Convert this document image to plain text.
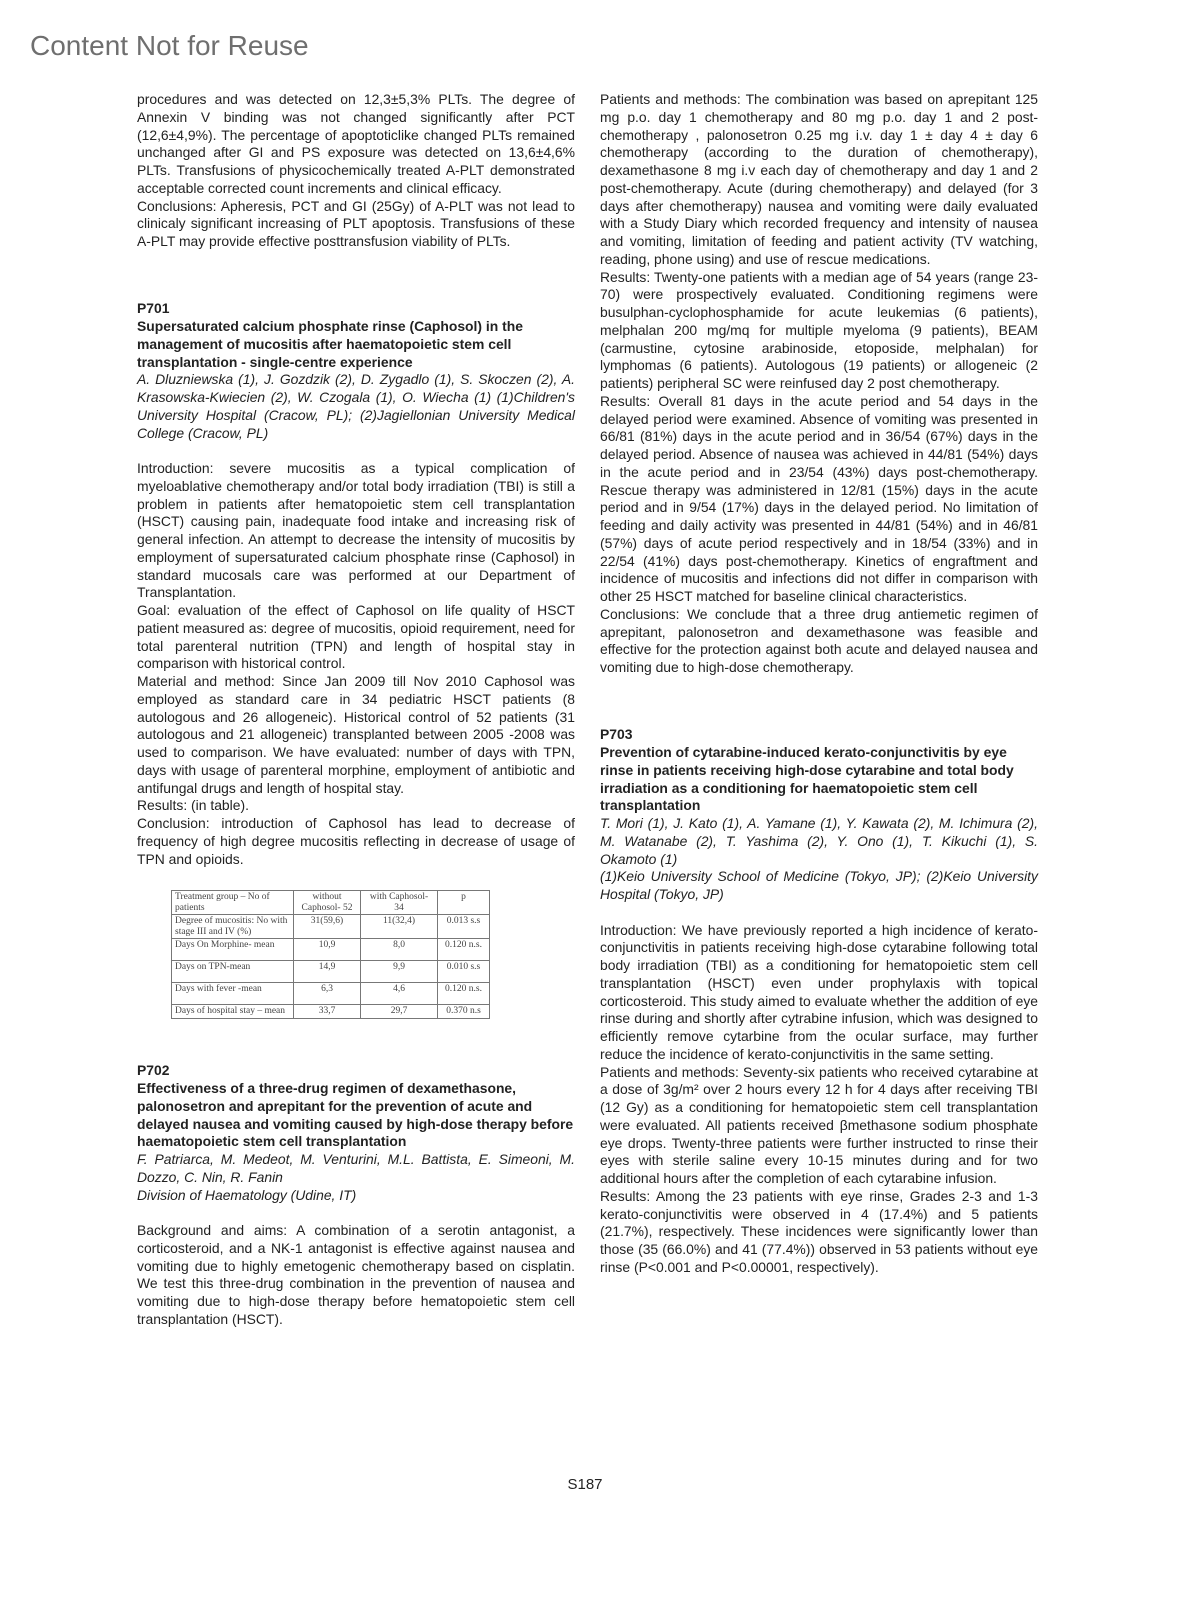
Content Not for Reuse

procedures and was detected on 12,3±5,3% PLTs. The degree of Annexin V binding was not changed significantly after PCT (12,6±4,9%). The percentage of apoptoticlike changed PLTs remained unchanged after GI and PS exposure was detected on 13,6±4,6% PLTs. Transfusions of physicochemically treated A-PLT demonstrated acceptable corrected count increments and clinical efficacy.

Conclusions: Apheresis, PCT and GI (25Gy) of A-PLT was not lead to clinicaly significant increasing of PLT apoptosis. Transfusions of these A-PLT may provide effective posttransfusion viability of PLTs.

P701

Supersaturated calcium phosphate rinse (Caphosol) in the management of mucositis after haematopoietic stem cell transplantation - single-centre experience

A. Dluzniewska (1), J. Gozdzik (2), D. Zygadlo (1), S. Skoczen (2), A. Krasowska-Kwiecien (2), W. Czogala (1), O. Wiecha (1) (1)Children's University Hospital (Cracow, PL); (2)Jagiellonian University Medical College (Cracow, PL)

Introduction: severe mucositis as a typical complication of myeloablative chemotherapy and/or total body irradiation (TBI) is still a problem in patients after hematopoietic stem cell transplantation (HSCT) causing pain, inadequate food intake and increasing risk of general infection. An attempt to decrease the intensity of mucositis by employment of supersaturated calcium phosphate rinse (Caphosol) in standard mucosals care was performed at our Department of Transplantation.

Goal: evaluation of the effect of Caphosol on life quality of HSCT patient measured as: degree of mucositis, opioid requirement, need for total parenteral nutrition (TPN) and length of hospital stay in comparison with historical control.

Material and method: Since Jan 2009 till Nov 2010 Caphosol was employed as standard care in 34 pediatric HSCT patients (8 autologous and 26 allogeneic). Historical control of 52 patients (31 autologous and 21 allogeneic) transplanted between 2005 -2008 was used to comparison. We have evaluated: number of days with TPN, days with usage of parenteral morphine, employment of antibiotic and antifungal drugs and length of hospital stay.

Results: (in table).

Conclusion: introduction of Caphosol has lead to decrease of frequency of high degree mucositis reflecting in decrease of usage of TPN and opioids.

Treatment group – No of patients	without Caphosol- 52	with Caphosol- 34	p
Degree of mucositis: No with stage III and IV (%)	31(59,6)	11(32,4)	0.013 s.s
Days On Morphine- mean	10,9	8,0	0.120 n.s.
Days on TPN-mean	14,9	9,9	0.010 s.s
Days with fever -mean	6,3	4,6	0.120 n.s.
Days of hospital stay – mean	33,7	29,7	0.370 n.s

P702

Effectiveness of a three-drug regimen of dexamethasone, palonosetron and aprepitant for the prevention of acute and delayed nausea and vomiting caused by high-dose therapy before haematopoietic stem cell transplantation

F. Patriarca, M. Medeot, M. Venturini, M.L. Battista, E. Simeoni, M. Dozzo, C. Nin, R. Fanin

Division of Haematology (Udine, IT)

Background and aims: A combination of a serotin antagonist, a corticosteroid, and a NK-1 antagonist is effective against nausea and vomiting due to highly emetogenic chemotherapy based on cisplatin. We test this three-drug combination in the prevention of nausea and vomiting due to high-dose therapy before hematopoietic stem cell transplantation (HSCT).

Patients and methods: The combination was based on aprepitant 125 mg p.o. day 1 chemotherapy and 80 mg p.o. day 1 and 2 post-chemotherapy , palonosetron 0.25 mg i.v. day 1 ± day 4 ± day 6 chemotherapy (according to the duration of chemotherapy), dexamethasone 8 mg i.v each day of chemotherapy and day 1 and 2 post-chemotherapy. Acute (during chemotherapy) and delayed (for 3 days after chemotherapy) nausea and vomiting were daily evaluated with a Study Diary which recorded frequency and intensity of nausea and vomiting, limitation of feeding and patient activity (TV watching, reading, phone using) and use of rescue medications.

Results: Twenty-one patients with a median age of 54 years (range 23-70) were prospectively evaluated. Conditioning regimens were busulphan-cyclophosphamide for acute leukemias (6 patients), melphalan 200 mg/mq for multiple myeloma (9 patients), BEAM (carmustine, cytosine arabinoside, etoposide, melphalan) for lymphomas (6 patients). Autologous (19 patients) or allogeneic (2 patients) peripheral SC were reinfused day 2 post chemotherapy.

Results: Overall 81 days in the acute period and 54 days in the delayed period were examined. Absence of vomiting was presented in 66/81 (81%) days in the acute period and in 36/54 (67%) days in the delayed period. Absence of nausea was achieved in 44/81 (54%) days in the acute period and in 23/54 (43%) days post-chemotherapy. Rescue therapy was administered in 12/81 (15%) days in the acute period and in 9/54 (17%) days in the delayed period. No limitation of feeding and daily activity was presented in 44/81 (54%) and in 46/81 (57%) days of acute period respectively and in 18/54 (33%) and in 22/54 (41%) days post-chemotherapy. Kinetics of engraftment and incidence of mucositis and infections did not differ in comparison with other 25 HSCT matched for baseline clinical characteristics.

Conclusions: We conclude that a three drug antiemetic regimen of aprepitant, palonosetron and dexamethasone was feasible and effective for the protection against both acute and delayed nausea and vomiting due to high-dose chemotherapy.

P703

Prevention of cytarabine-induced kerato-conjunctivitis by eye rinse in patients receiving high-dose cytarabine and total body irradiation as a conditioning for haematopoietic stem cell transplantation

T. Mori (1), J. Kato (1), A. Yamane (1), Y. Kawata (2), M. Ichimura (2), M. Watanabe (2), T. Yashima (2), Y. Ono (1), T. Kikuchi (1), S. Okamoto (1)

(1)Keio University School of Medicine (Tokyo, JP); (2)Keio University Hospital (Tokyo, JP)

Introduction: We have previously reported a high incidence of kerato-conjunctivitis in patients receiving high-dose cytarabine following total body irradiation (TBI) as a conditioning for hematopoietic stem cell transplantation (HSCT) even under prophylaxis with topical corticosteroid. This study aimed to evaluate whether the addition of eye rinse during and shortly after cytrabine infusion, which was designed to efficiently remove cytarbine from the ocular surface, may further reduce the incidence of kerato-conjunctivitis in the same setting.

Patients and methods: Seventy-six patients who received cytarabine at a dose of 3g/m² over 2 hours every 12 h for 4 days after receiving TBI (12 Gy) as a conditioning for hematopoietic stem cell transplantation were evaluated. All patients received βmethasone sodium phosphate eye drops. Twenty-three patients were further instructed to rinse their eyes with sterile saline every 10-15 minutes during and for two additional hours after the completion of each cytarabine infusion.

Results: Among the 23 patients with eye rinse, Grades 2-3 and 1-3 kerato-conjunctivitis were observed in 4 (17.4%) and 5 patients (21.7%), respectively. These incidences were significantly lower than those (35 (66.0%) and 41 (77.4%)) observed in 53 patients without eye rinse (P<0.001 and P<0.00001, respectively).

S187
